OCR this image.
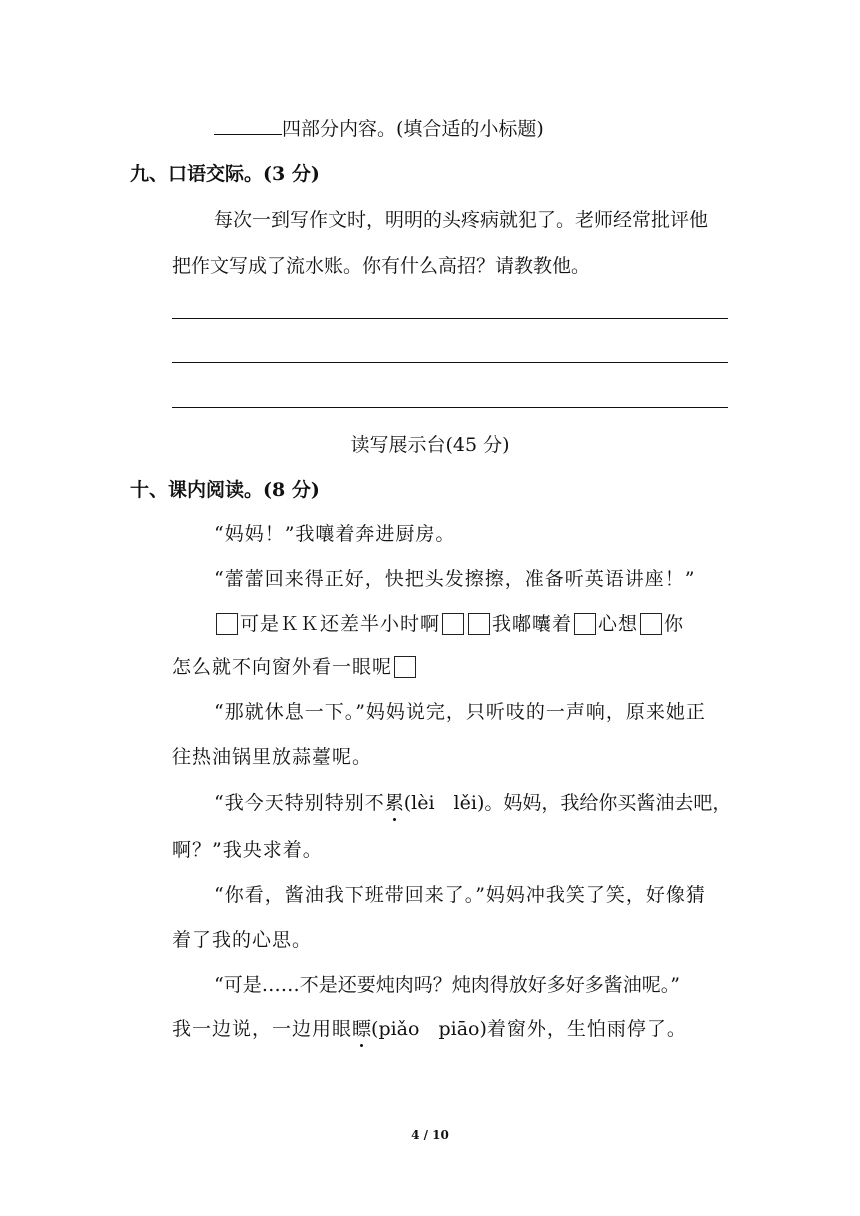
四部分内容。(填合适的小标题)
九、口语交际。(3 分)
每次一到写作文时，明明的头疼病就犯了。老师经常批评他
把作文写成了流水账。你有什么高招？请教教他。
读写展示台(45 分)
十、课内阅读。(8 分)
“妈妈！”我嚷着奔进厨房。
“蕾蕾回来得正好，快把头发擦擦，准备听英语讲座！”
可是ＫＫ还差半小时啊	我嘟囔着 心想 你
怎么就不向窗外看一眼呢
“那就休息一下。”妈妈说完，只听吱的一声响，原来她正
往热油锅里放蒜薹呢。
“我今天特别特别不累(lèi　lěi)。妈妈，我给你买酱油去吧，
啊？”我央求着。
“你看，酱油我下班带回来了。”妈妈冲我笑了笑，好像猜
着了我的心思。
“可是……不是还要炖肉吗？炖肉得放好多好多酱油呢。”
我一边说，一边用眼瞟(piǎo　piāo)着窗外，生怕雨停了。
4 / 10
